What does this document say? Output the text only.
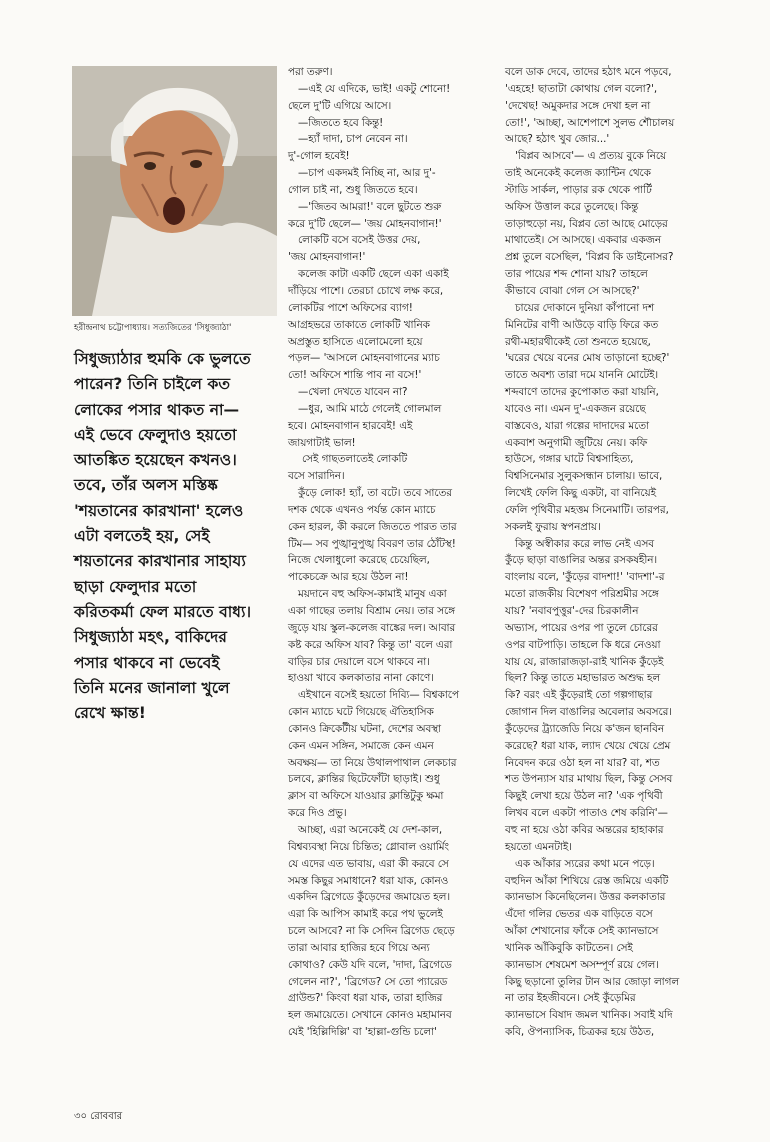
হরীন্দ্রনাথ চট্টোপাধ্যায়। সত্যজিতের 'সিধুজ্যাঠা'
সিধুজ্যাঠার হুমকি কে ভুলতে
পারেন? তিনি চাইলে কত
লোকের পসার থাকত না—
এই ভেবে ফেলুদাও হয়তো
আতঙ্কিত হয়েছেন কখনও।
তবে, তাঁর অলস মস্তিষ্ক
'শয়তানের কারখানা' হলেও
এটা বলতেই হয়, সেই
শয়তানের কারখানার সাহায্য
ছাড়া ফেলুদার মতো
করিতকর্মা ফেল মারতে বাধ্য।
সিধুজ্যাঠা মহৎ, বাকিদের
পসার থাকবে না ভেবেই
তিনি মনের জানালা খুলে
রেখে ক্ষান্ত!
পরা তরুণ।
—এই যে এদিকে, ভাই! একটু শোনো!
ছেলে দু'টি এগিয়ে আসে।
—জিততে হবে কিন্তু!
—হ্যাঁ দাদা, চাপ নেবেন না।
দু'-গোল হবেই!
—চাপ একদমই নিচ্ছি না, আর দু'-
গোল চাই না, শুধু জিততে হবে।
—'জিতব আমরা!' বলে ছুটতে শুরু
করে দু'টি ছেলে— 'জয় মোহনবাগান!'
লোকটি বসে বসেই উত্তর দেয়,
'জয় মোহনবাগান!'
কলেজ কাটা একটি ছেলে একা একাই
দাঁড়িয়ে পাশে। তেরচা চোখে লক্ষ করে,
লোকটির পাশে অফিসের ব্যাগ!
আগ্রহভরে তাকাতে লোকটি খানিক
অপ্রস্তুত হাসিতে এলোমেলো হয়ে
পড়ল— 'আসলে মোহনবাগানের ম্যাচ
তো! অফিসে শান্তি পাব না বসে!'
—খেলা দেখতে যাবেন না?
—ধুর, আমি মাঠে গেলেই গোলমাল
হবে। মোহনবাগান হারবেই! এই
জায়গাটাই ভাল!
সেই গাছতলাতেই লোকটি
বসে সারাদিন।
কুঁড়ে লোক! হ্যাঁ, তা বটে। তবে সাতের
দশক থেকে এখনও পর্যন্ত কোন ম্যাচে
কেন হারল, কী করলে জিততে পারত তার
টিম— সব পুঙ্খানুপুঙ্খ বিবরণ তার ঠোঁটস্থ!
নিজে খেলাধুলো করেছে চেয়েছিল,
পাকেচক্রে আর হয়ে উঠল না!
ময়দানে বহু অফিস-কামাই মানুষ একা
একা গাছের তলায় বিশ্রাম নেয়। তার সঙ্গে
জুড়ে যায় স্কুল-কলেজ বাঙ্কের দল। আবার
কষ্ট করে অফিস যাব? কিন্তু তা' বলে এরা
বাড়ির চার দেয়ালে বসে থাকবে না।
হাওয়া খাবে কলকাতার নানা কোণে।
এইখানে বসেই হয়তো দিব্যি— বিশ্বকাপে
কোন ম্যাচে ঘটে গিয়েছে ঐতিহাসিক
কোনও ক্রিকেটীয় ঘটনা, দেশের অবস্থা
কেন এমন সঙ্গিন, সমাজে কেন এমন
অবক্ষয়— তা নিয়ে উথালপাথাল লেকচার
চলবে, ক্লান্তির ছিটেফোঁটা ছাড়াই। শুধু
ক্লাস বা অফিসে যাওয়ার ক্লান্তিটুকু ক্ষমা
করে দিও প্রভু।
আচ্ছা, এরা অনেকেই যে দেশ-কাল,
বিশ্বব্যবস্থা নিয়ে চিন্তিত; গ্লোবাল ওয়ার্মিং
যে এদের এত ভাবায়, এরা কী করবে সে
সমস্ত কিছুর সমাধানে? ধরা যাক, কোনও
একদিন ব্রিগেডে কুঁড়েদের জমায়েত হল।
এরা কি আপিস কামাই করে পথ ভুলেই
চলে আসবে? না কি সেদিন ব্রিগেড ছেড়ে
তারা আবার হাজির হবে গিয়ে অন্য
কোথাও? কেউ যদি বলে, 'দাদা, ব্রিগেডে
গেলেন না?', 'ব্রিগেড? সে তো প্যারেড
গ্রাউন্ড?' কিংবা ধরা যাক, তারা হাজির
হল জমায়েতে। সেখানে কোনও মহামানব
যেই 'হিল্লিদিল্লি' বা 'হাল্লা-গুন্ডি চলো'
বলে ডাক দেবে, তাদের হঠাৎ মনে পড়বে,
'এহহে! ছাতাটা কোথায় গেল বলো?',
'দেখেছ! অমুকদার সঙ্গে দেখা হল না
তো!', 'আচ্ছা, আশেপাশে সুলভ শৌচালয়
আছে? হঠাৎ খুব জোর...'
'বিপ্লব আসবে'— এ প্রত্যয় বুকে নিয়ে
তাই অনেকেই কলেজ ক্যান্টিন থেকে
স্টাডি সার্কল, পাড়ার রক থেকে পার্টি
অফিস উত্তাল করে তুলেছে। কিন্তু
তাড়াহুড়ো নয়, বিপ্লব তো আছে মোড়ের
মাথাতেই। সে আসছে। একবার একজন
প্রশ্ন তুলে বসেছিল, 'বিপ্লব কি ডাইনোসর?
তার পায়ের শব্দ শোনা যায়? তাহলে
কীভাবে বোঝা গেল সে আসছে?'
চায়ের দোকানে দুনিয়া কাঁপানো দশ
মিনিটের বাণী আউড়ে বাড়ি ফিরে কত
রথী-মহারথীকেই তো শুনতে হয়েছে,
'ঘরের খেয়ে বনের মোষ তাড়ানো হচ্ছে?'
তাতে অবশ্য তারা দমে যাননি মোটেই।
শব্দবাণে তাদের কুপোকাত করা যায়নি,
যাবেও না। এমন দু'-একজন রয়েছে
বাস্তবেও, যারা গল্পের দাদাদের মতো
একবাশ অনুগামী জুটিয়ে নেয়। কফি
হাউসে, গঙ্গার ঘাটে বিশ্বসাহিত্য,
বিশ্বসিনেমার সুলুকসন্ধান চালায়। ভাবে,
লিখেই ফেলি কিছু একটা, বা বানিয়েই
ফেলি পৃথিবীর মহত্তম সিনেমাটি। তারপর,
সকলই ফুরায় স্বপনপ্রায়।
কিন্তু অস্বীকার করে লাভ নেই এসব
কুঁড়ে ছাড়া বাঙালির অন্তর রসকষহীন।
বাংলায় বলে, 'কুঁড়ের বাদশা!' 'বাদশা'-র
মতো রাজকীয় বিশেষণ পরিশ্রমীর সঙ্গে
যায়? 'নবাবপুত্তুর'-দের চিরকালীন
অভ্যাস, পায়ের ওপর পা তুলে চোরের
ওপর বাটপাড়ি। তাহলে কি ধরে নেওয়া
যায় যে, রাজারাজড়া-রাই খানিক কুঁড়েই
ছিল? কিন্তু তাতে মহাভারত অশুদ্ধ হল
কি? বরং এই কুঁড়েরাই তো গল্পগাছার
জোগান দিল বাঙালির অবেলার অবসরে।
কুঁড়েদের ট্র্যাজেডি নিয়ে ক'জন ছানবিন
করেছে? ধরা যাক, ল্যাদ খেয়ে খেয়ে প্রেম
নিবেদন করে ওঠা হল না যার? বা, শত
শত উপন্যাস যার মাথায় ছিল, কিন্তু সেসব
কিছুই লেখা হয়ে উঠল না? 'এক পৃথিবী
লিখব বলে একটা পাতাও শেষ করিনি'—
বহু না হয়ে ওঠা কবির অন্তরের হাহাকার
হয়তো এমনটাই।
এক আঁকার স্যরের কথা মনে পড়ে।
বহুদিন আঁকা শিখিয়ে রেস্ত জমিয়ে একটি
ক্যানভাস কিনেছিলেন। উত্তর কলকাতার
এঁদো গলির ভেতর এক বাড়িতে বসে
আঁকা শেখানোর ফাঁকে সেই ক্যানভাসে
খানিক আঁকিবুকি কাটতেন। সেই
ক্যানভাস শেষমেশ অসম্পূর্ণ রয়ে গেল।
কিছু ছড়ানো তুলির টান আর জোড়া লাগল
না তার ইহজীবনে। সেই কুঁড়েমির
ক্যানভাসে বিষাদ জমল খানিক। সবাই যদি
কবি, ঔপন্যাসিক, চিত্রকর হয়ে উঠত,
৩০ রোববার
